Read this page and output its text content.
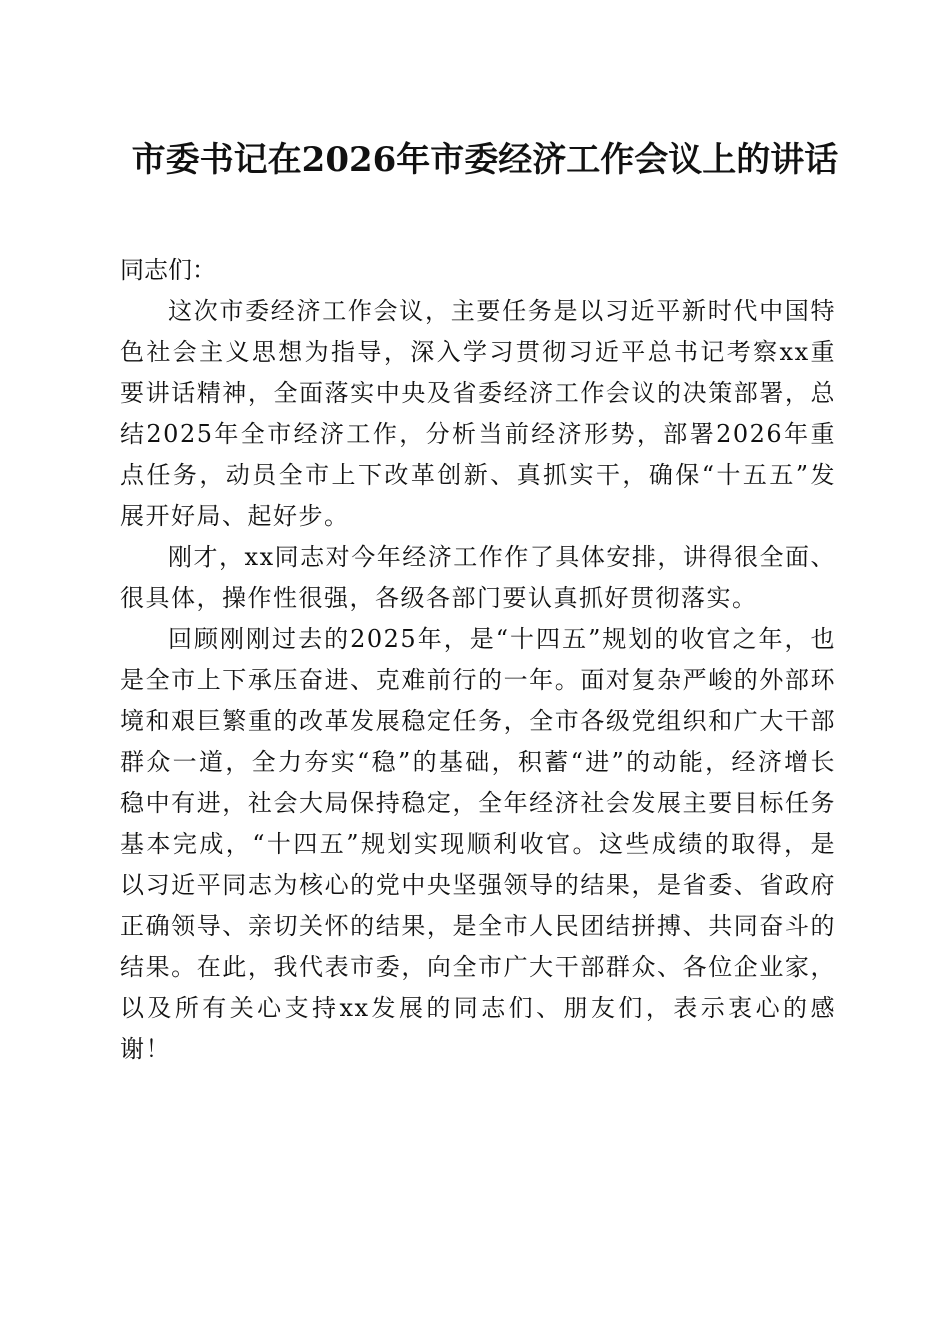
市委书记在2026年市委经济工作会议上的讲话

同志们：

这次市委经济工作会议，主要任务是以习近平新时代中国特色社会主义思想为指导，深入学习贯彻习近平总书记考察xx重要讲话精神，全面落实中央及省委经济工作会议的决策部署，总结2025年全市经济工作，分析当前经济形势，部署2026年重点任务，动员全市上下改革创新、真抓实干，确保“十五五”发展开好局、起好步。

刚才，xx同志对今年经济工作作了具体安排，讲得很全面、很具体，操作性很强，各级各部门要认真抓好贯彻落实。

回顾刚刚过去的2025年，是“十四五”规划的收官之年，也是全市上下承压奋进、克难前行的一年。面对复杂严峻的外部环境和艰巨繁重的改革发展稳定任务，全市各级党组织和广大干部群众一道，全力夯实“稳”的基础，积蓄“进”的动能，经济增长稳中有进，社会大局保持稳定，全年经济社会发展主要目标任务基本完成，“十四五”规划实现顺利收官。这些成绩的取得，是以习近平同志为核心的党中央坚强领导的结果，是省委、省政府正确领导、亲切关怀的结果，是全市人民团结拼搏、共同奋斗的结果。在此，我代表市委，向全市广大干部群众、各位企业家，以及所有关心支持xx发展的同志们、朋友们，表示衷心的感谢！
